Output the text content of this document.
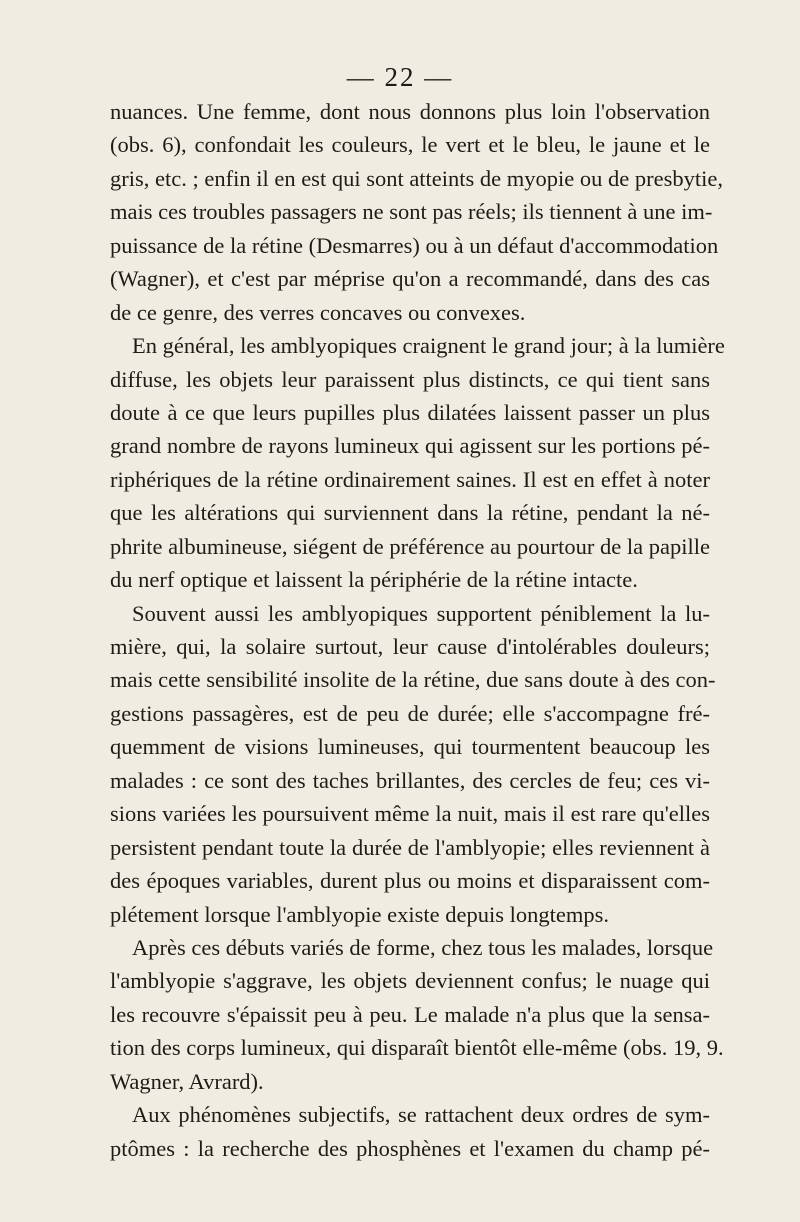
— 22 —
nuances. Une femme, dont nous donnons plus loin l'observation
(obs. 6), confondait les couleurs, le vert et le bleu, le jaune et le
gris, etc. ; enfin il en est qui sont atteints de myopie ou de presbytie,
mais ces troubles passagers ne sont pas réels; ils tiennent à une im-
puissance de la rétine (Desmarres) ou à un défaut d'accommodation
(Wagner), et c'est par méprise qu'on a recommandé, dans des cas
de ce genre, des verres concaves ou convexes.
En général, les amblyopiques craignent le grand jour; à la lumière
diffuse, les objets leur paraissent plus distincts, ce qui tient sans
doute à ce que leurs pupilles plus dilatées laissent passer un plus
grand nombre de rayons lumineux qui agissent sur les portions pé-
riphériques de la rétine ordinairement saines. Il est en effet à noter
que les altérations qui surviennent dans la rétine, pendant la né-
phrite albumineuse, siégent de préférence au pourtour de la papille
du nerf optique et laissent la périphérie de la rétine intacte.
Souvent aussi les amblyopiques supportent péniblement la lu-
mière, qui, la solaire surtout, leur cause d'intolérables douleurs;
mais cette sensibilité insolite de la rétine, due sans doute à des con-
gestions passagères, est de peu de durée; elle s'accompagne fré-
quemment de visions lumineuses, qui tourmentent beaucoup les
malades : ce sont des taches brillantes, des cercles de feu; ces vi-
sions variées les poursuivent même la nuit, mais il est rare qu'elles
persistent pendant toute la durée de l'amblyopie; elles reviennent à
des époques variables, durent plus ou moins et disparaissent com-
plétement lorsque l'amblyopie existe depuis longtemps.
Après ces débuts variés de forme, chez tous les malades, lorsque
l'amblyopie s'aggrave, les objets deviennent confus; le nuage qui
les recouvre s'épaissit peu à peu. Le malade n'a plus que la sensa-
tion des corps lumineux, qui disparaît bientôt elle-même (obs. 19, 9.
Wagner, Avrard).
Aux phénomènes subjectifs, se rattachent deux ordres de sym-
ptômes : la recherche des phosphènes et l'examen du champ pé-
